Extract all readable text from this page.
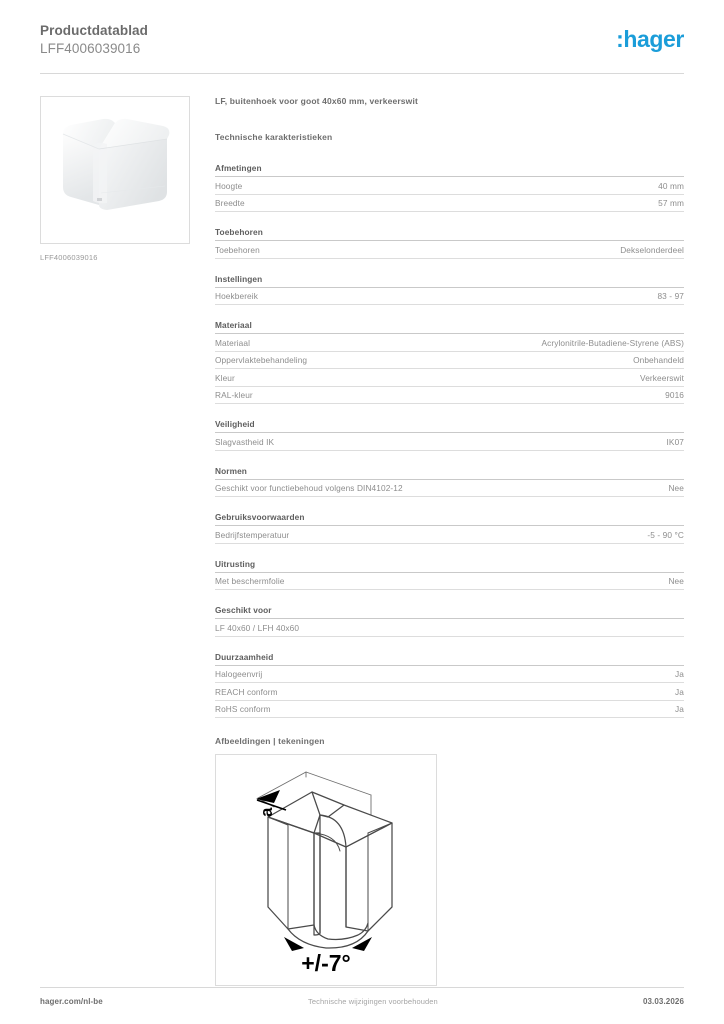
Productdatablad
LFF4006039016	:hager
LFF4006039016
LF, buitenhoek voor goot 40x60 mm, verkeerswit
Technische karakteristieken
Afmetingen
Hoogte	40 mm
Breedte	57 mm
Toebehoren
Toebehoren	Dekselonderdeel
Instellingen
Hoekbereik	83 - 97
Materiaal
Materiaal	Acrylonitrile-Butadiene-Styrene (ABS)
Oppervlaktebehandeling	Onbehandeld
Kleur	Verkeerswit
RAL-kleur	9016
Veiligheid
Slagvastheid IK	IK07
Normen
Geschikt voor functiebehoud volgens DIN4102-12	Nee
Gebruiksvoorwaarden
Bedrijfstemperatuur	-5 - 90 °C
Uitrusting
Met beschermfolie	Nee
Geschikt voor
LF 40x60 / LFH 40x60
Duurzaamheid
Halogeenvrij	Ja
REACH conform	Ja
RoHS conform	Ja
Afbeeldingen | tekeningen
a
+/-7°
hager.com/nl-be	Technische wijzigingen voorbehouden	03.03.2026
